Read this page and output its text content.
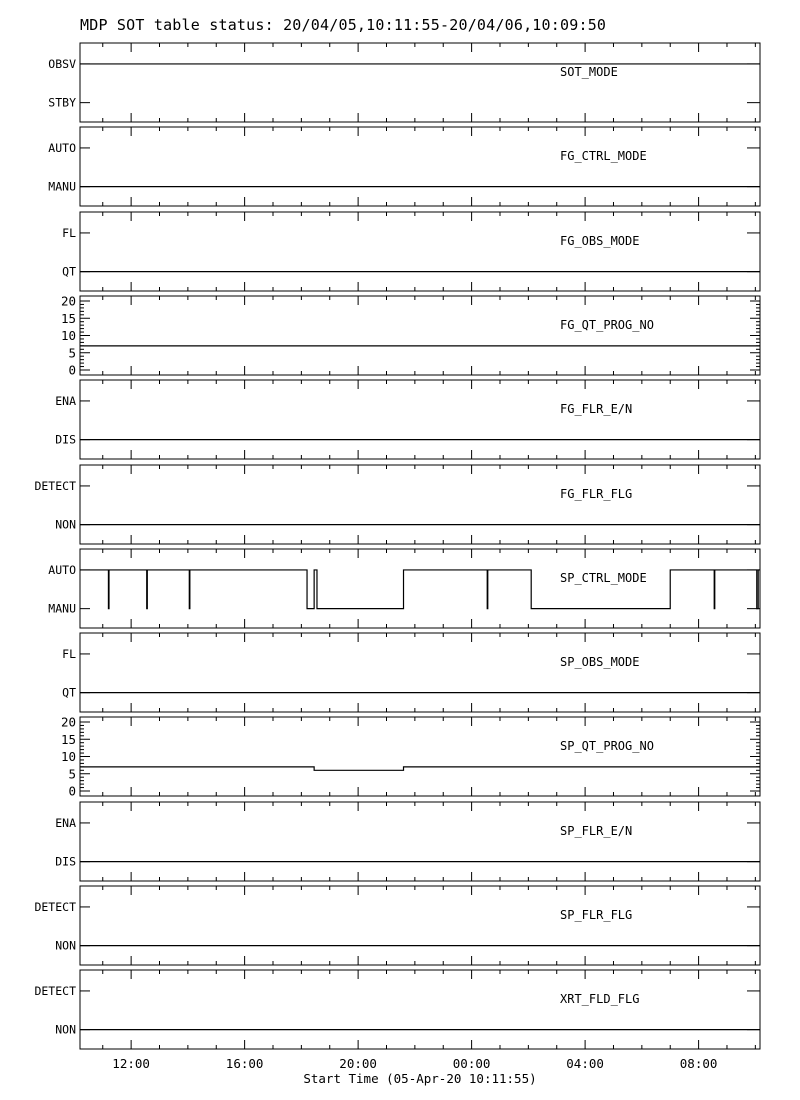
MDP SOT table status: 20/04/05,10:11:55-20/04/06,10:09:50
OBSV
STBY
SOT_MODE
AUTO
MANU
FG_CTRL_MODE
FL
QT
FG_OBS_MODE
0
5
10
15
20
FG_QT_PROG_NO
ENA
DIS
FG_FLR_E/N
DETECT
NON
FG_FLR_FLG
AUTO
MANU
SP_CTRL_MODE
FL
QT
SP_OBS_MODE
0
5
10
15
20
SP_QT_PROG_NO
ENA
DIS
SP_FLR_E/N
DETECT
NON
SP_FLR_FLG
DETECT
NON
XRT_FLD_FLG
12:00	16:00	20:00	00:00	04:00	08:00
Start Time (05-Apr-20 10:11:55)
